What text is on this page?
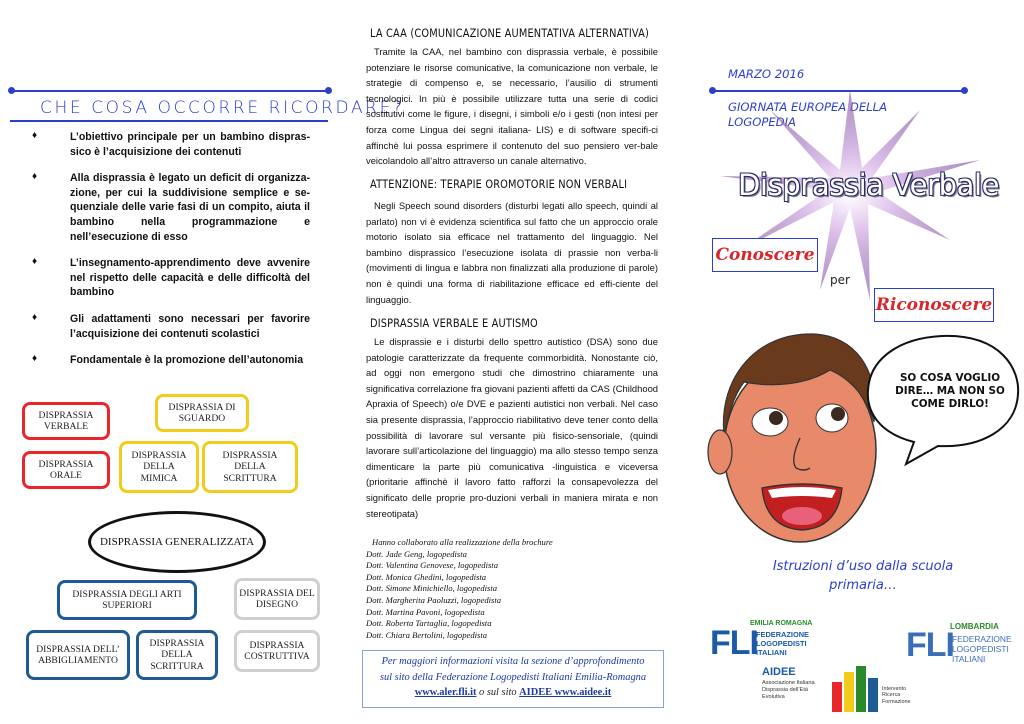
CHE COSA OCCORRE RICORDARE?
♦	L’obiettivo principale per un bambino dispras-sico è l’acquisizione dei contenuti
♦	Alla disprassia è legato un deficit di organizza-zione, per cui la suddivisione semplice e se-quenziale delle varie fasi di un compito, aiuta il bambino nella programmazione e nell’esecuzione di esso
♦	L’insegnamento-apprendimento deve avvenire nel rispetto delle capacità e delle difficoltà del bambino
♦	Gli adattamenti sono necessari per favorire l’acquisizione dei contenuti scolastici
♦	Fondamentale è la promozione dell’autonomia
DISPRASSIA VERBALE
DISPRASSIA ORALE
DISPRASSIA DI SGUARDO
DISPRASSIA DELLA MIMICA
DISPRASSIA DELLA SCRITTURA
DISPRASSIA GENERALIZZATA
DISPRASSIA DEGLI ARTI SUPERIORI
DISPRASSIA DEL DISEGNO
DISPRASSIA DELL’ ABBIGLIAMENTO
DISPRASSIA DELLA SCRITTURA
DISPRASSIA COSTRUTTIVA
LA CAA (COMUNICAZIONE AUMENTATIVA ALTERNATIVA)
Tramite la CAA, nel bambino con disprassia verbale, è possibile potenziare le risorse comunicative, la comunicazione non verbale, le strategie di compenso e, se necessario, l’ausilio di strumenti tecnologici. In più è possibile utilizzare tutta una serie di codici sostitutivi come le figure, i disegni, i simboli e/o i gesti (non intesi per forza come Lingua dei segni italiana- LIS) e di software specifi-ci affinchè lui possa esprimere il contenuto del suo pensiero ver-bale veicolandolo all’altro attraverso un canale alternativo.
ATTENZIONE: TERAPIE OROMOTORIE NON VERBALI
Negli Speech sound disorders (disturbi legati allo speech, quindi al parlato) non vi è evidenza scientifica sul fatto che un approccio orale motorio isolato sia efficace nel trattamento del linguaggio. Nel bambino disprassico l’esecuzione isolata di prassie non verba-li (movimenti di lingua e labbra non finalizzati alla produzione di parole) non è quindi una forma di riabilitazione efficace ed effi-ciente del linguaggio.
DISPRASSIA VERBALE E AUTISMO
Le disprassie e i disturbi dello spettro autistico (DSA) sono due patologie caratterizzate da frequente commorbidità. Nonostante ciò, ad oggi non emergono studi che dimostrino chiaramente una significativa correlazione fra giovani pazienti affetti da CAS (Childhood Apraxia of Speech) o/e DVE e pazienti autistici non verbali. Nel caso sia presente disprassia, l’approccio riabilitativo deve tener conto della possibilità di lavorare sul versante più fisico-sensoriale, (quindi lavorare sull’articolazione del linguaggio) ma allo stesso tempo senza dimenticare la parte più comunicativa -linguistica e viceversa (prioritarie affinchè il lavoro fatto rafforzi la consapevolezza del significato delle proprie pro-duzioni verbali in maniera mirata e non stereotipata)
Hanno collaborato alla realizzazione della brochure
Dott. Jade Geng, logopedista
Dott. Valentina Genovese, logopedista
Dott. Monica Ghedini, logopedista
Dott. Simone Minichiello, logopedista
Dott. Margherita Paoluzzi, logopedista
Dott. Martina Pavoni, logopedista
Dott. Roberta Tartaglia, logopedista
Dott. Chiara Bertolini, logopedista
Per maggiori informazioni visita la sezione d’approfondimento
sul sito della Federazione Logopedisti Italiani Emilia-Romagna
www.aler.fli.it o sul sito AIDEE www.aidee.it
MARZO 2016
GIORNATA EUROPEA DELLA LOGOPEDIA
Disprassia Verbale
Conoscere
per
Riconoscere
SO COSA VOGLIO DIRE… MA NON SO COME DIRLO!
Istruzioni d’uso dalla scuola primaria…
EMILIA ROMAGNA
FLI
FEDERAZIONE LOGOPEDISTI ITALIANI
LOMBARDIA
FLI
FEDERAZIONE LOGOPEDISTI ITALIANI
AIDEE
Associazione Italiana Disprassia dell’Età Evolutiva
Intervento Ricerca Formazione
